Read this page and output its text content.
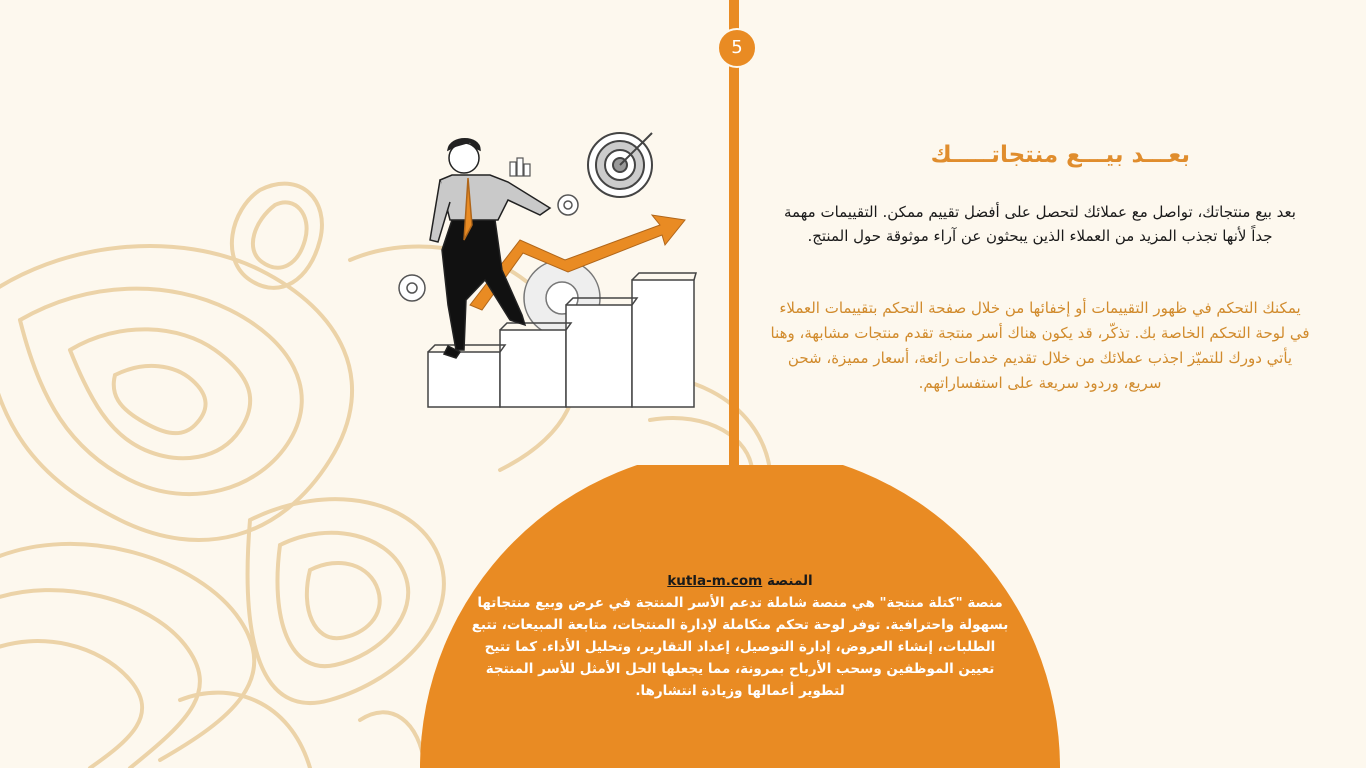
5
بعـــد بيـــع منتجاتـــــك
بعد بيع منتجاتك، تواصل مع عملائك لتحصل على أفضل تقييم ممكن. التقييمات مهمة جداً لأنها تجذب المزيد من العملاء الذين يبحثون عن آراء موثوقة حول المنتج.
يمكنك التحكم في ظهور التقييمات أو إخفائها من خلال صفحة التحكم بتقييمات العملاء في لوحة التحكم الخاصة بك. تذكّر، قد يكون هناك أسر منتجة تقدم منتجات مشابهة، وهنا يأتي دورك للتميّز اجذب عملائك من خلال تقديم خدمات رائعة، أسعار مميزة، شحن سريع، وردود سريعة على استفساراتهم.
المنصة kutla-m.com
منصة "كتلة منتجة" هي منصة شاملة تدعم الأسر المنتجة في عرض وبيع منتجاتها بسهولة واحترافية. توفر لوحة تحكم متكاملة لإدارة المنتجات، متابعة المبيعات، تتبع الطلبات، إنشاء العروض، إدارة التوصيل، إعداد التقارير، وتحليل الأداء. كما تتيح تعيين الموظفين وسحب الأرباح بمرونة، مما يجعلها الحل الأمثل للأسر المنتجة لتطوير أعمالها وزيادة انتشارها.
